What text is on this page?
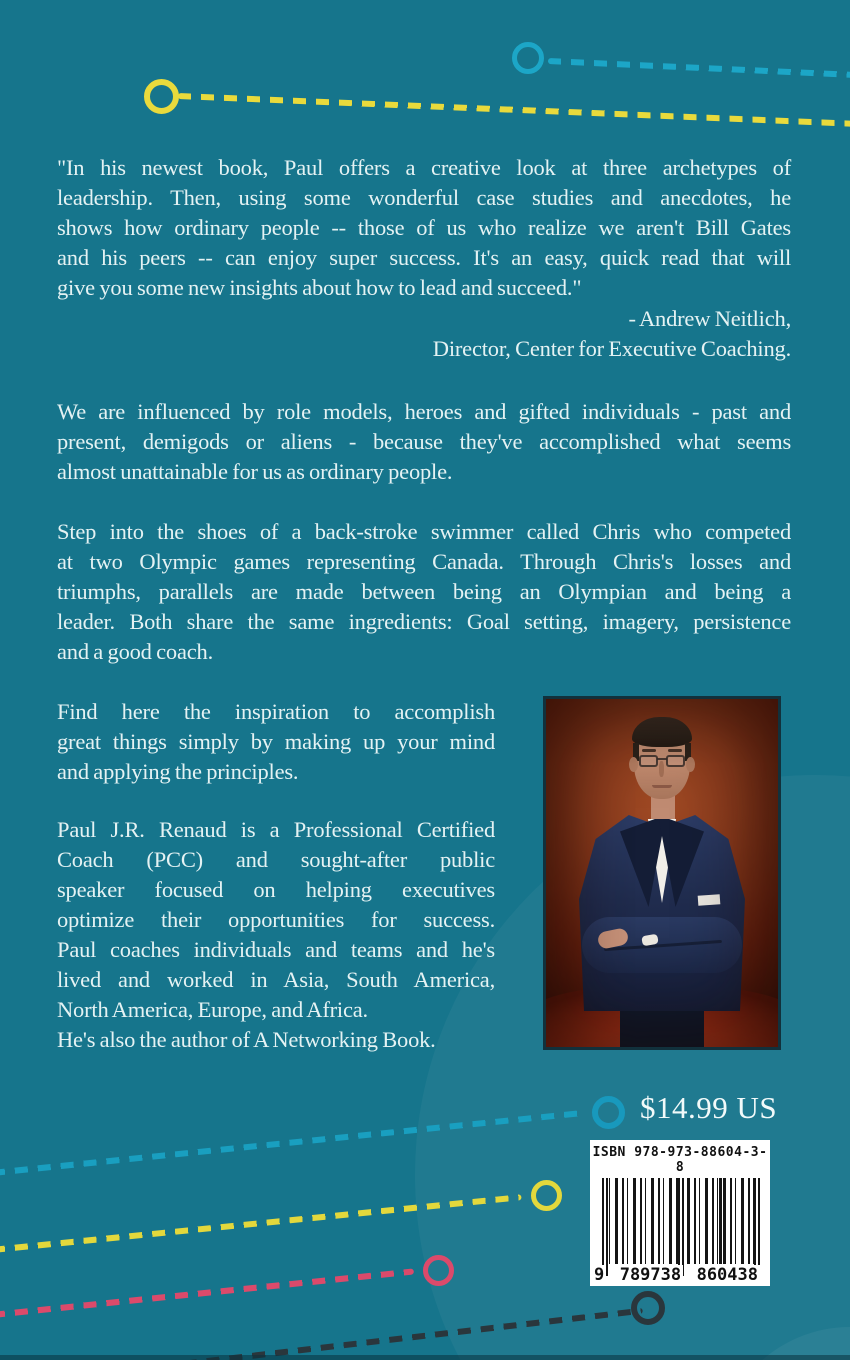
"In his newest book, Paul offers a creative look at three archetypes of
leadership. Then, using some wonderful case studies and anecdotes, he
shows how ordinary people -- those of us who realize we aren't Bill Gates
and his peers -- can enjoy super success. It's an easy, quick read that will
give you some new insights about how to lead and succeed."
- Andrew Neitlich,
Director, Center for Executive Coaching.
We are influenced by role models, heroes and gifted individuals - past and
present, demigods or aliens - because they've accomplished what seems
almost unattainable for us as ordinary people.
Step into the shoes of a back-stroke swimmer called Chris who competed
at two Olympic games representing Canada. Through Chris's losses and
triumphs, parallels are made between being an Olympian and being a
leader. Both share the same ingredients: Goal setting, imagery, persistence
and a good coach.
Find here the inspiration to accomplish
great things simply by making up your mind
and applying the principles.
Paul J.R. Renaud is a Professional Certified
Coach (PCC) and sought-after public
speaker focused on helping executives
optimize their opportunities for success.
Paul coaches individuals and teams and he's
lived and worked in Asia, South America,
North America, Europe, and Africa.
He's also the author of A Networking Book.
$14.99 US
ISBN 978-973-88604-3-8
9 789738 860438
